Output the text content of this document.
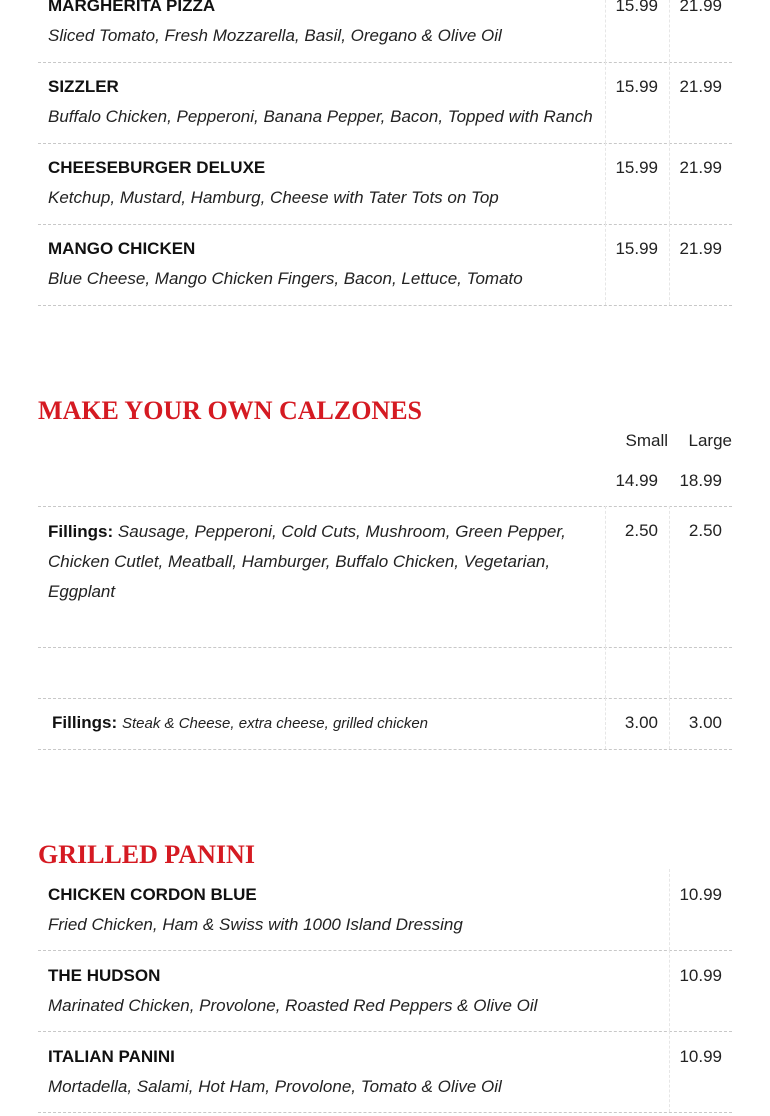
MARGHERITA PIZZA
Sliced Tomato, Fresh Mozzarella, Basil, Oregano & Olive Oil
15.99	21.99
SIZZLER
Buffalo Chicken, Pepperoni, Banana Pepper, Bacon, Topped with Ranch
15.99	21.99
CHEESEBURGER DELUXE
Ketchup, Mustard, Hamburg, Cheese with Tater Tots on Top
15.99	21.99
MANGO CHICKEN
Blue Cheese, Mango Chicken Fingers, Bacon, Lettuce, Tomato
15.99	21.99
MAKE YOUR OWN CALZONES
Small	Large
14.99	18.99
Fillings: Sausage, Pepperoni, Cold Cuts, Mushroom, Green Pepper, Chicken Cutlet, Meatball, Hamburger, Buffalo Chicken, Vegetarian, Eggplant
2.50	2.50
Fillings: Steak & Cheese, extra cheese, grilled chicken	3.00	3.00
GRILLED PANINI
CHICKEN CORDON BLUE
Fried Chicken, Ham & Swiss with 1000 Island Dressing
10.99
THE HUDSON
Marinated Chicken, Provolone, Roasted Red Peppers & Olive Oil
10.99
ITALIAN PANINI
Mortadella, Salami, Hot Ham, Provolone, Tomato & Olive Oil
10.99
